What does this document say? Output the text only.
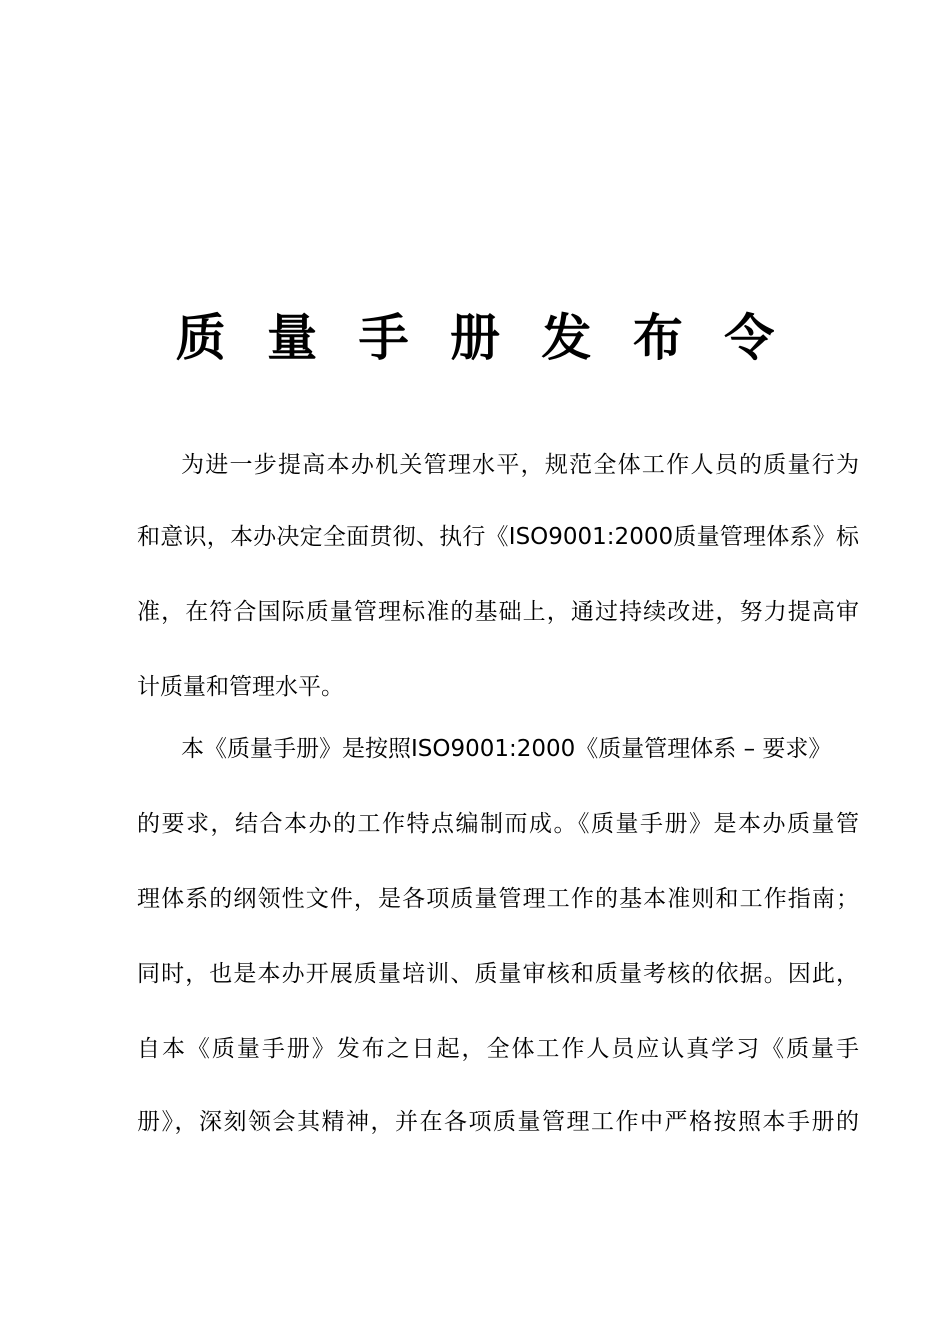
质 量 手 册 发 布 令
为进一步提高本办机关管理水平，规范全体工作人员的质量行为
和意识，本办决定全面贯彻、执行《ISO9001:2000质量管理体系》标
准，在符合国际质量管理标准的基础上，通过持续改进，努力提高审
计质量和管理水平。
本《质量手册》是按照ISO9001:2000《质量管理体系 – 要求》
的要求，结合本办的工作特点编制而成。《质量手册》是本办质量管
理体系的纲领性文件，是各项质量管理工作的基本准则和工作指南；
同时，也是本办开展质量培训、质量审核和质量考核的依据。因此，
自本《质量手册》发布之日起，全体工作人员应认真学习《质量手
册》，深刻领会其精神，并在各项质量管理工作中严格按照本手册的
